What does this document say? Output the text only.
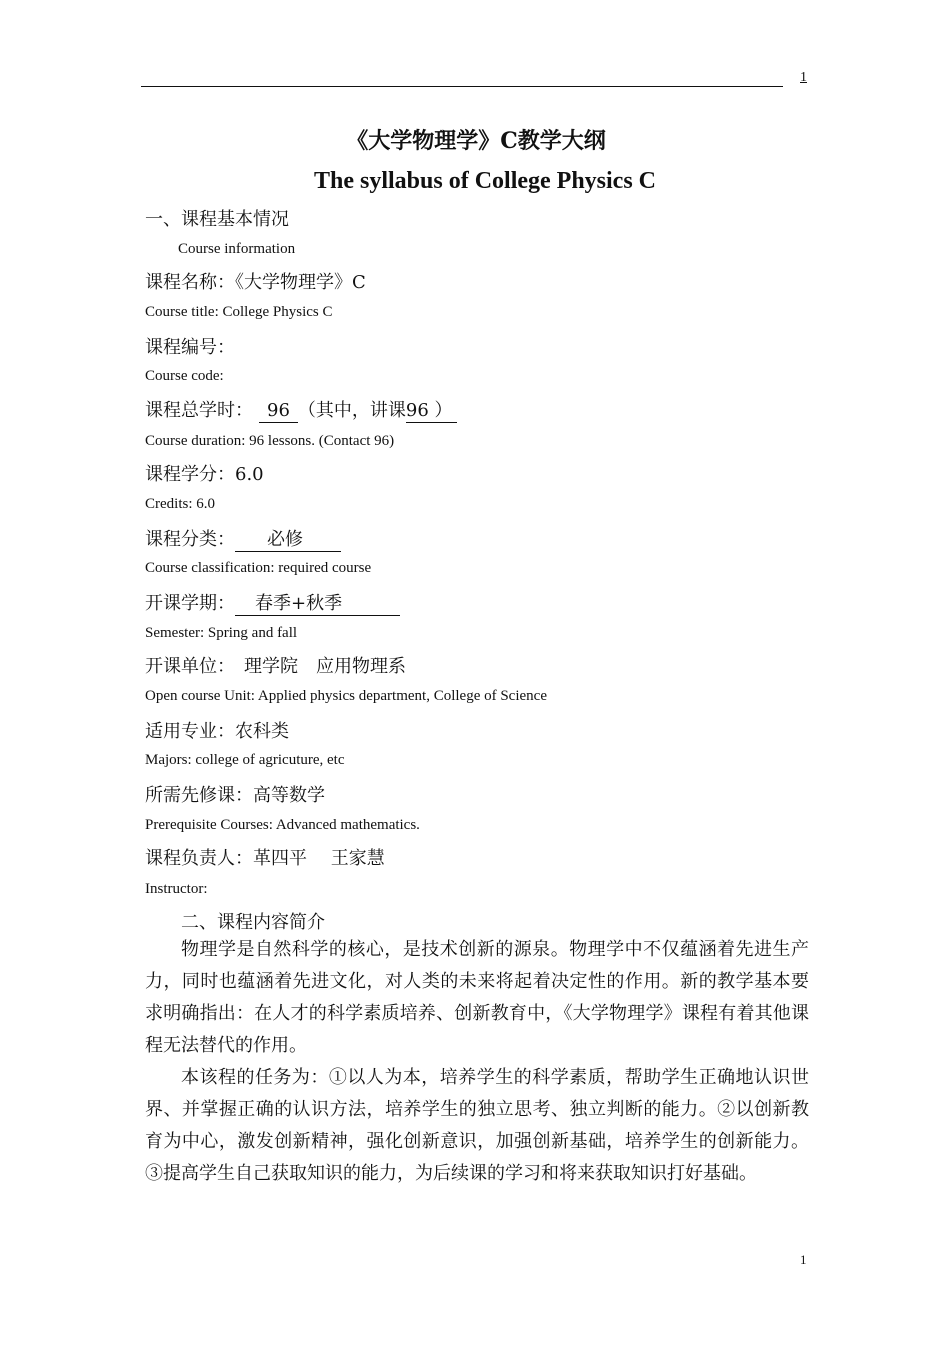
1
《大学物理学》C教学大纲
The syllabus of College Physics C
一、课程基本情况
Course information
课程名称：《大学物理学》C
Course title: College Physics C
课程编号：
Course code:
课程总学时： 96 （其中，讲课96 ）
Course duration: 96 lessons. (Contact 96)
课程学分：6.0
Credits: 6.0
课程分类： 必修
Course classification: required course
开课学期： 春季+秋季
Semester: Spring and fall
开课单位：　理学院　应用物理系
Open course Unit: Applied physics department, College of Science
适用专业：农科类
Majors: college of agricuture, etc
所需先修课：高等数学
Prerequisite Courses: Advanced mathematics.
课程负责人：革四平　 王家慧
Instructor:
二、课程内容简介

物理学是自然科学的核心，是技术创新的源泉。物理学中不仅蕴涵着先进生产力，同时也蕴涵着先进文化，对人类的未来将起着决定性的作用。新的教学基本要求明确指出：在人才的科学素质培养、创新教育中，《大学物理学》课程有着其他课程无法替代的作用。

本该程的任务为：①以人为本，培养学生的科学素质，帮助学生正确地认识世界、并掌握正确的认识方法，培养学生的独立思考、独立判断的能力。②以创新教育为中心，激发创新精神，强化创新意识，加强创新基础，培养学生的创新能力。③提高学生自己获取知识的能力，为后续课的学习和将来获取知识打好基础。

1
